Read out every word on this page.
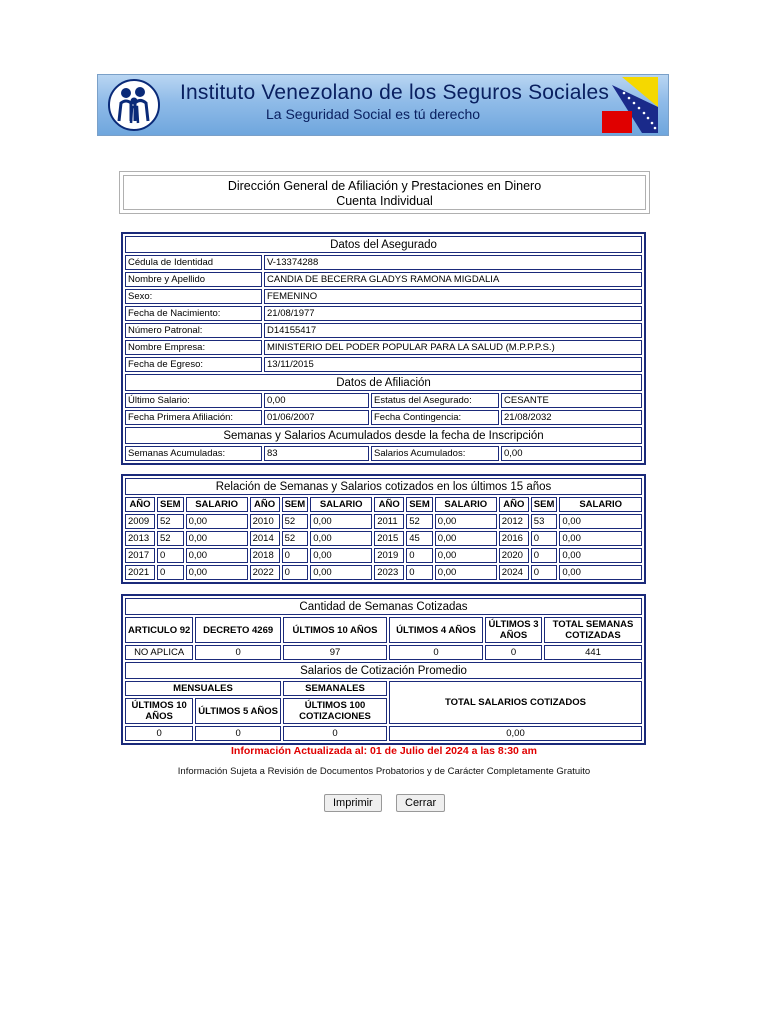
Instituto Venezolano de los Seguros Sociales
La Seguridad Social es tú derecho
Dirección General de Afiliación y Prestaciones en Dinero
Cuenta Individual
Datos del Asegurado			
Cédula de Identidad	V-13374288		
Nombre y Apellido	CANDIA DE BECERRA GLADYS RAMONA MIGDALIA		
Sexo:	FEMENINO		
Fecha de Nacimiento:	21/08/1977		
Número Patronal:	D14155417		
Nombre Empresa:	MINISTERIO DEL PODER POPULAR PARA LA SALUD (M.P.P.P.S.)		
Fecha de Egreso:	13/11/2015		
Datos de Afiliación			
Último Salario:	0,00	Estatus del Asegurado:	CESANTE
Fecha Primera Afiliación:	01/06/2007	Fecha Contingencia:	21/08/2032
Semanas y Salarios Acumulados desde la fecha de Inscripción			
Semanas Acumuladas:	83	Salarios Acumulados:	0,00
Relación de Semanas y Salarios cotizados en los últimos 15 años											
AÑO	SEM	SALARIO	AÑO	SEM	SALARIO	AÑO	SEM	SALARIO	AÑO	SEM	SALARIO
2009	52	0,00	2010	52	0,00	2011	52	0,00	2012	53	0,00
2013	52	0,00	2014	52	0,00	2015	45	0,00	2016	0	0,00
2017	0	0,00	2018	0	0,00	2019	0	0,00	2020	0	0,00
2021	0	0,00	2022	0	0,00	2023	0	0,00	2024	0	0,00
Cantidad de Semanas Cotizadas					
ARTICULO 92	DECRETO 4269	ÚLTIMOS 10 AÑOS	ÚLTIMOS 4 AÑOS	ÚLTIMOS 3 AÑOS	TOTAL SEMANAS COTIZADAS
NO APLICA	0	97	0	0	441
Salarios de Cotización Promedio					
MENSUALES		SEMANALES	TOTAL SALARIOS COTIZADOS		
ÚLTIMOS 10 AÑOS	ÚLTIMOS 5 AÑOS	ÚLTIMOS 100 COTIZACIONES			
0	0	0	0,00		
Información Actualizada al: 01 de Julio del 2024 a las 8:30 am
Información Sujeta a Revisión de Documentos Probatorios y de Carácter Completamente Gratuito
Imprimir	Cerrar
